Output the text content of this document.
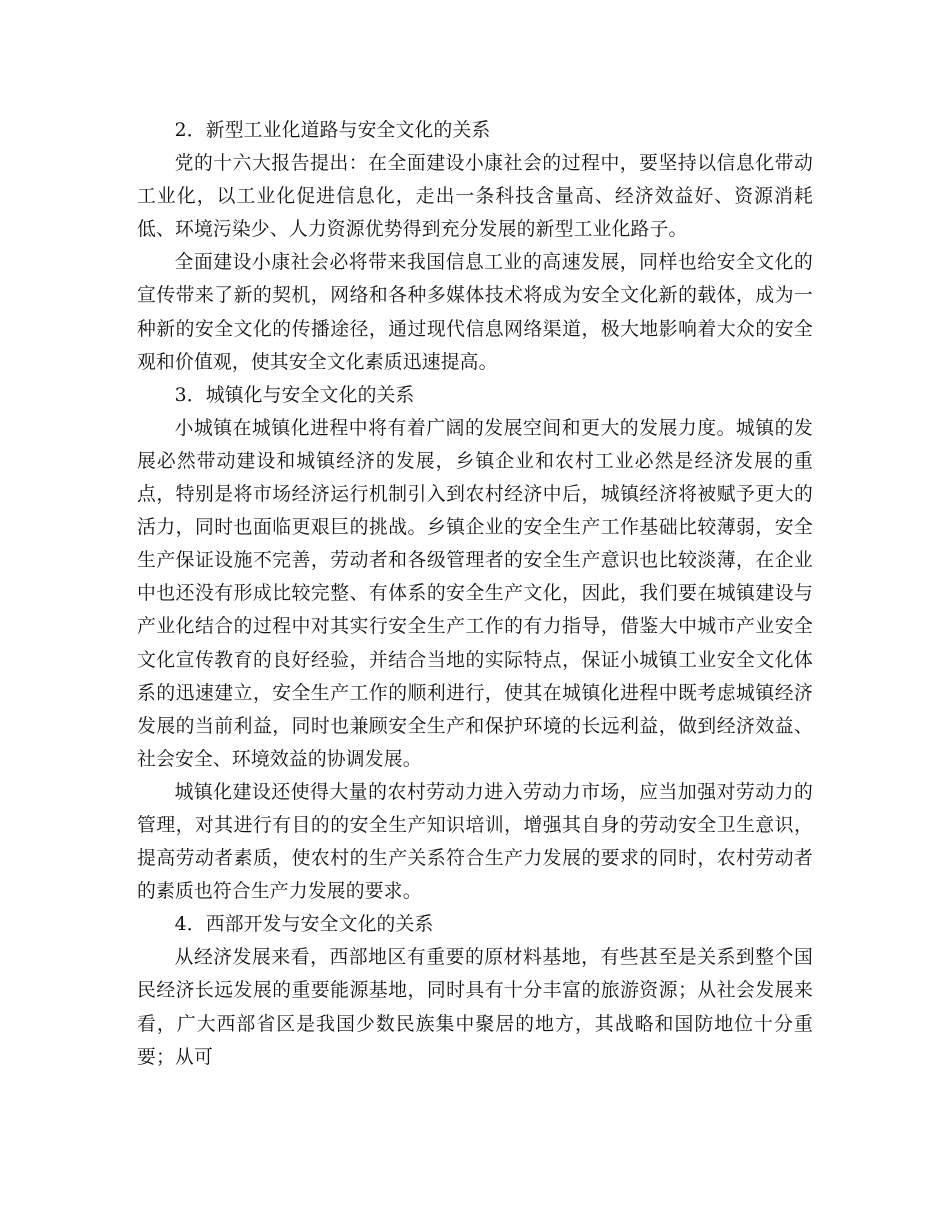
2．新型工业化道路与安全文化的关系

党的十六大报告提出：在全面建设小康社会的过程中，要坚持以信息化带动工业化，以工业化促进信息化，走出一条科技含量高、经济效益好、资源消耗低、环境污染少、人力资源优势得到充分发展的新型工业化路子。

全面建设小康社会必将带来我国信息工业的高速发展，同样也给安全文化的宣传带来了新的契机，网络和各种多媒体技术将成为安全文化新的载体，成为一种新的安全文化的传播途径，通过现代信息网络渠道，极大地影响着大众的安全观和价值观，使其安全文化素质迅速提高。

3．城镇化与安全文化的关系

小城镇在城镇化进程中将有着广阔的发展空间和更大的发展力度。城镇的发展必然带动建设和城镇经济的发展，乡镇企业和农村工业必然是经济发展的重点，特别是将市场经济运行机制引入到农村经济中后，城镇经济将被赋予更大的活力，同时也面临更艰巨的挑战。乡镇企业的安全生产工作基础比较薄弱，安全生产保证设施不完善，劳动者和各级管理者的安全生产意识也比较淡薄，在企业中也还没有形成比较完整、有体系的安全生产文化，因此，我们要在城镇建设与产业化结合的过程中对其实行安全生产工作的有力指导，借鉴大中城市产业安全文化宣传教育的良好经验，并结合当地的实际特点，保证小城镇工业安全文化体系的迅速建立，安全生产工作的顺利进行，使其在城镇化进程中既考虑城镇经济发展的当前利益，同时也兼顾安全生产和保护环境的长远利益，做到经济效益、社会安全、环境效益的协调发展。

城镇化建设还使得大量的农村劳动力进入劳动力市场，应当加强对劳动力的管理，对其进行有目的的安全生产知识培训，增强其自身的劳动安全卫生意识，提高劳动者素质，使农村的生产关系符合生产力发展的要求的同时，农村劳动者的素质也符合生产力发展的要求。

4．西部开发与安全文化的关系

从经济发展来看，西部地区有重要的原材料基地，有些甚至是关系到整个国民经济长远发展的重要能源基地，同时具有十分丰富的旅游资源；从社会发展来看，广大西部省区是我国少数民族集中聚居的地方，其战略和国防地位十分重要；从可
